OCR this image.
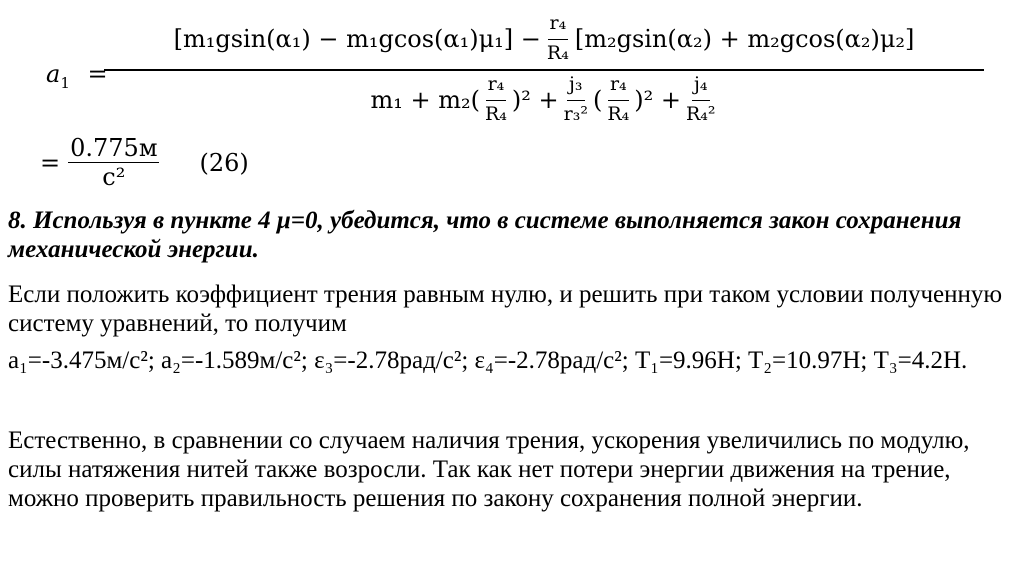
$a_1$ =
$[m_1gsin(\alpha_1) - m_1gcos(\alpha_1)\mu_1] - \frac{\text{r₄}}{\text{R₄}} [m_2gsin(\alpha_2) + m_2gcos(\alpha_2)\mu_2]$
$m_1 + m_2( \frac{\text{r₄}}{\text{R₄}} )^2 + \frac{\text{j₃}}{\text{r₃²}}$ ( $\frac{\text{r₄}}{\text{R₄}} )^2 + \frac{\text{j₄}}{\text{R₄²}}$
= $\frac{0.775м}{\text{с²}} (26)$
8. Используя в пункте 4 μ=0, убедится, что в системе выполняется закон сохранения механической энергии.
Если положить коэффициент трения равным нулю, и решить при таком условии полученную систему уравнений, то получим
a₁=-3.475м/с²; a₂=-1.589м/с²; ε₃=-2.78рад/с²; ε₄=-2.78рад/с²; T₁=9.96Н; T₂=10.97Н; T₃=4.2Н.
Естественно, в сравнении со случаем наличия трения, ускорения увеличились по модулю, силы натяжения нитей также возросли. Так как нет потери энергии движения на трение, можно проверить правильность решения по закону сохранения полной энергии.
